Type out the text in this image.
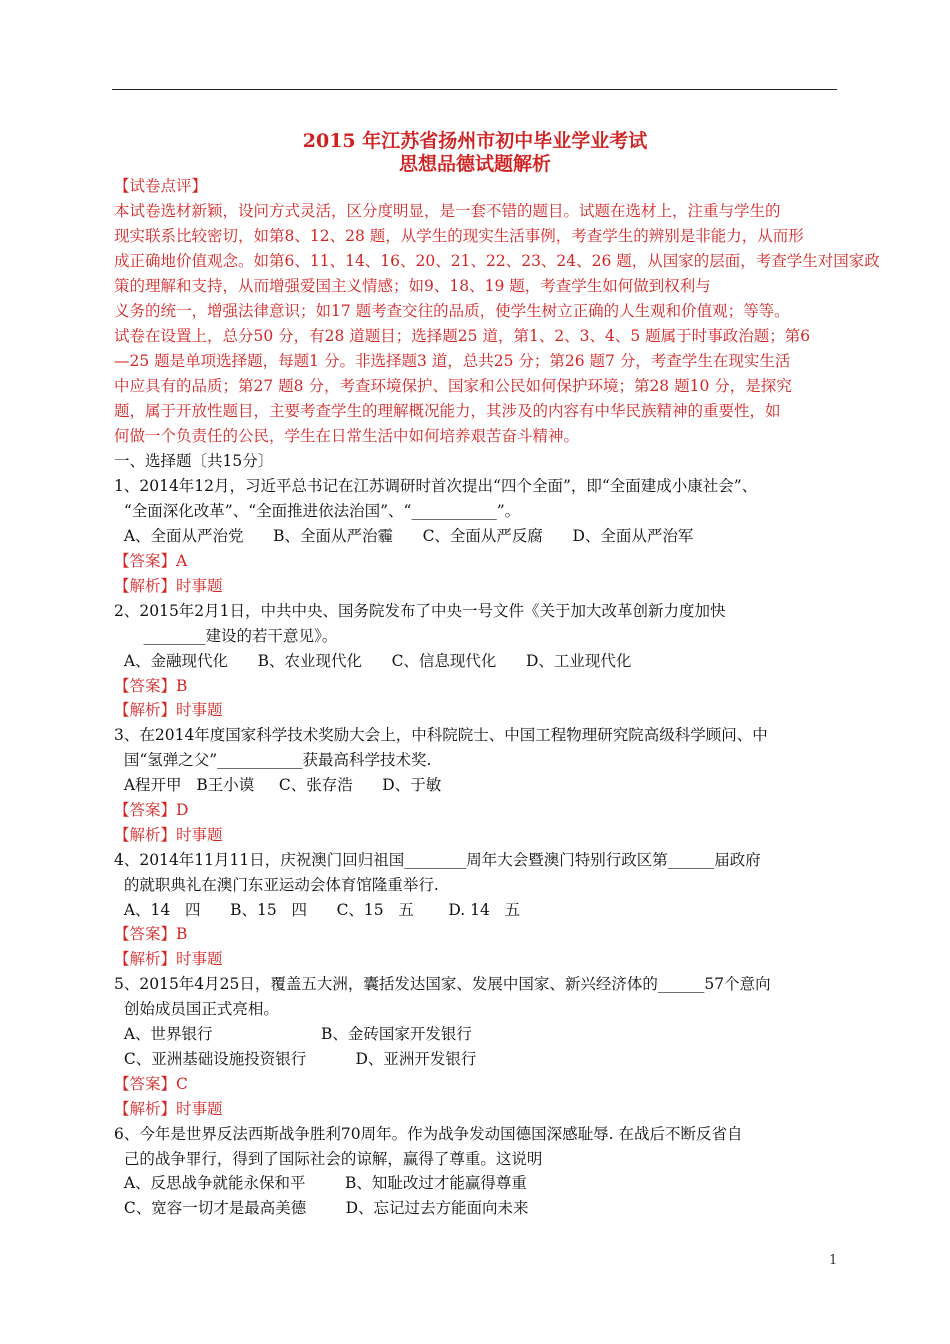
2015 年江苏省扬州市初中毕业学业考试
思想品德试题解析
【试卷点评】
本试卷选材新颖，设问方式灵活，区分度明显，是一套不错的题目。试题在选材上，注重与学生的
现实联系比较密切，如第8、12、28 题，从学生的现实生活事例，考查学生的辨别是非能力，从而形
成正确地价值观念。如第6、11、14、16、20、21、22、23、24、26 题，从国家的层面，考查学生对国家政
策的理解和支持，从而增强爱国主义情感；如9、18、19 题，考查学生如何做到权利与
义务的统一，增强法律意识；如17 题考查交往的品质，使学生树立正确的人生观和价值观；等等。
试卷在设置上，总分50 分，有28 道题目；选择题25 道，第1、2、3、4、5 题属于时事政治题；第6
—25 题是单项选择题，每题1 分。非选择题3 道，总共25 分；第26 题7 分，考查学生在现实生活
中应具有的品质；第27 题8 分，考查环境保护、国家和公民如何保护环境；第28 题10 分，是探究
题，属于开放性题目，主要考查学生的理解概况能力，其涉及的内容有中华民族精神的重要性，如
何做一个负责任的公民，学生在日常生活中如何培养艰苦奋斗精神。
一、选择题〔共15分〕
1、2014年12月，习近平总书记在江苏调研时首次提出“四个全面”，即“全面建成小康社会”、
“全面深化改革”、“全面推进依法治国”、“___________”。
A、全面从严治党      B、全面从严治霾      C、全面从严反腐      D、全面从严治军
【答案】A
【解析】时事题
2、2015年2月1日，中共中央、国务院发布了中央一号文件《关于加大改革创新力度加快
________建设的若干意见》。
A、金融现代化      B、农业现代化      C、信息现代化      D、工业现代化
【答案】B
【解析】时事题
3、在2014年度国家科学技术奖励大会上，中科院院士、中国工程物理研究院高级科学顾问、中
国“氢弹之父”___________获最高科学技术奖.
A程开甲   B王小谟     C、张存浩      D、于敏
【答案】D
【解析】时事题
4、2014年11月11日，庆祝澳门回归祖国________周年大会暨澳门特别行政区第______届政府
的就职典礼在澳门东亚运动会体育馆隆重举行.
A、14   四      B、15   四      C、15   五       D. 14   五
【答案】B
【解析】时事题
5、2015年4月25日，覆盖五大洲，囊括发达国家、发展中国家、新兴经济体的______57个意向
创始成员国正式亮相。
A、世界银行                      B、金砖国家开发银行
C、亚洲基础设施投资银行          D、亚洲开发银行
【答案】C
【解析】时事题
6、今年是世界反法西斯战争胜利70周年。作为战争发动国德国深感耻辱. 在战后不断反省自
己的战争罪行，得到了国际社会的谅解，赢得了尊重。这说明
A、反思战争就能永保和平        B、知耻改过才能赢得尊重
C、宽容一切才是最高美德        D、忘记过去方能面向未来
1
